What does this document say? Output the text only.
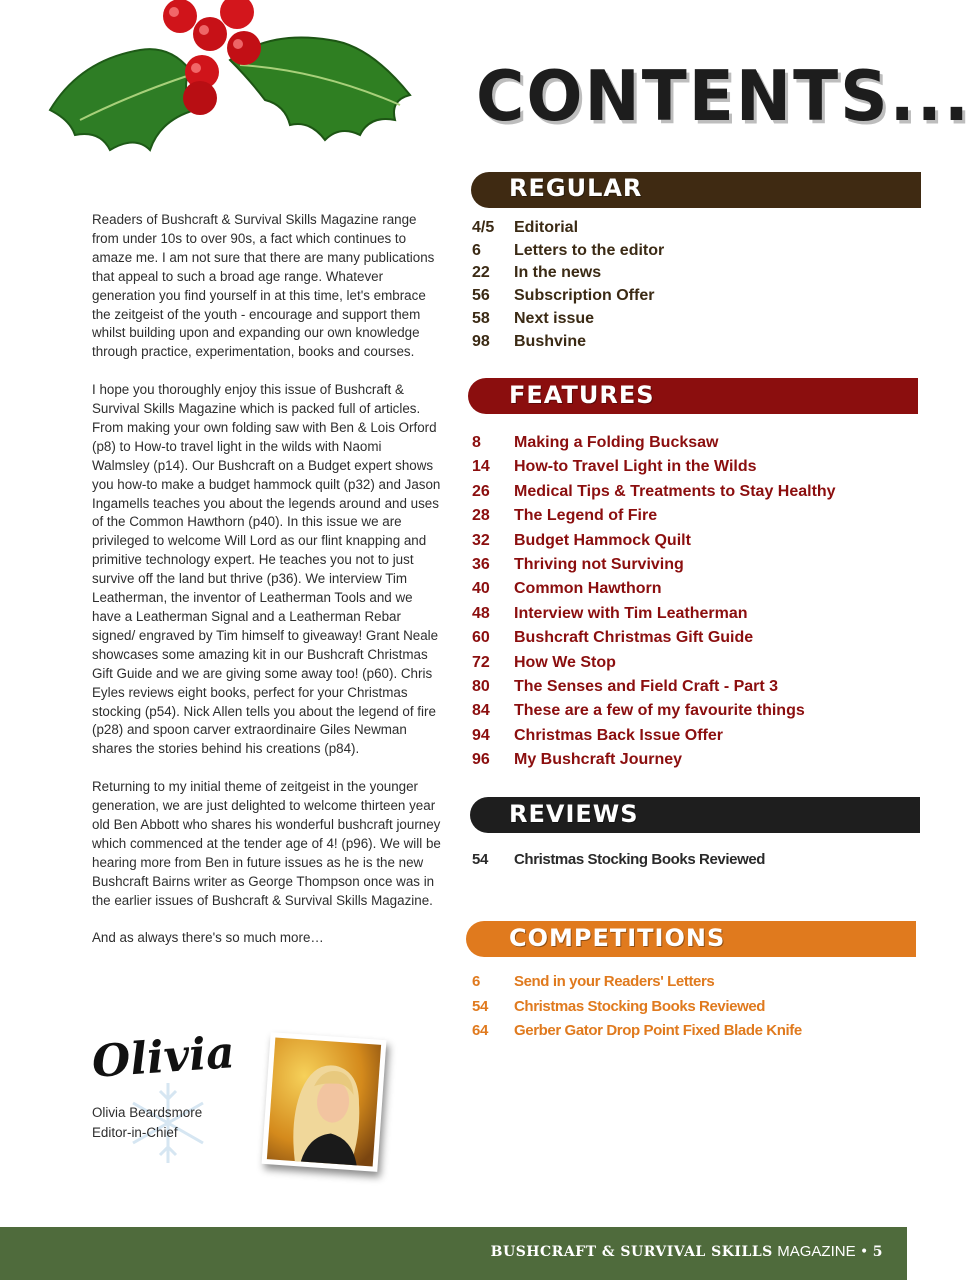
CONTENTS...

Readers of Bushcraft & Survival Skills Magazine range from under 10s to over 90s, a fact which continues to amaze me. I am not sure that there are many publications that appeal to such a broad age range. Whatever generation you find yourself in at this time, let's embrace the zeitgeist of the youth - encourage and support them whilst building upon and expanding our own knowledge through practice, experimentation, books and courses.

I hope you thoroughly enjoy this issue of Bushcraft & Survival Skills Magazine which is packed full of articles. From making your own folding saw with Ben & Lois Orford (p8) to How-to travel light in the wilds with Naomi Walmsley (p14). Our Bushcraft on a Budget expert shows you how-to make a budget hammock quilt (p32) and Jason Ingamells teaches you about the legends around and uses of the Common Hawthorn (p40). In this issue we are privileged to welcome Will Lord as our flint knapping and primitive technology expert. He teaches you not to just survive off the land but thrive (p36). We interview Tim Leatherman, the inventor of Leatherman Tools and we have a Leatherman Signal and a Leatherman Rebar signed/ engraved by Tim himself to giveaway! Grant Neale showcases some amazing kit in our Bushcraft Christmas Gift Guide and we are giving some away too! (p60). Chris Eyles reviews eight books, perfect for your Christmas stocking (p54). Nick Allen tells you about the legend of fire (p28) and spoon carver extraordinaire Giles Newman shares the stories behind his creations (p84).

Returning to my initial theme of zeitgeist in the younger generation, we are just delighted to welcome thirteen year old Ben Abbott who shares his wonderful bushcraft journey which commenced at the tender age of 4! (p96). We will be hearing more from Ben in future issues as he is the new Bushcraft Bairns writer as George Thompson once was in the earlier issues of Bushcraft & Survival Skills Magazine.

And as always there's so much more…

Olivia
Olivia Beardsmore
Editor-in-Chief
REGULAR
4/5	Editorial
6	Letters to the editor
22	In the news
56	Subscription Offer
58	Next issue
98	Bushvine
FEATURES
8	Making a Folding Bucksaw
14	How-to Travel Light in the Wilds
26	Medical Tips & Treatments to Stay Healthy
28	The Legend of Fire
32	Budget Hammock Quilt
36	Thriving not Surviving
40	Common Hawthorn
48	Interview with Tim Leatherman
60	Bushcraft Christmas Gift Guide
72	How We Stop
80	The Senses and Field Craft - Part 3
84	These are a few of my favourite things
94	Christmas Back Issue Offer
96	My Bushcraft Journey
REVIEWS
54	Christmas Stocking Books Reviewed
COMPETITIONS
6	Send in your Readers' Letters
54	Christmas Stocking Books Reviewed
64	Gerber Gator Drop Point Fixed Blade Knife
BUSHCRAFT & SURVIVAL SKILLS MAGAZINE • 5
